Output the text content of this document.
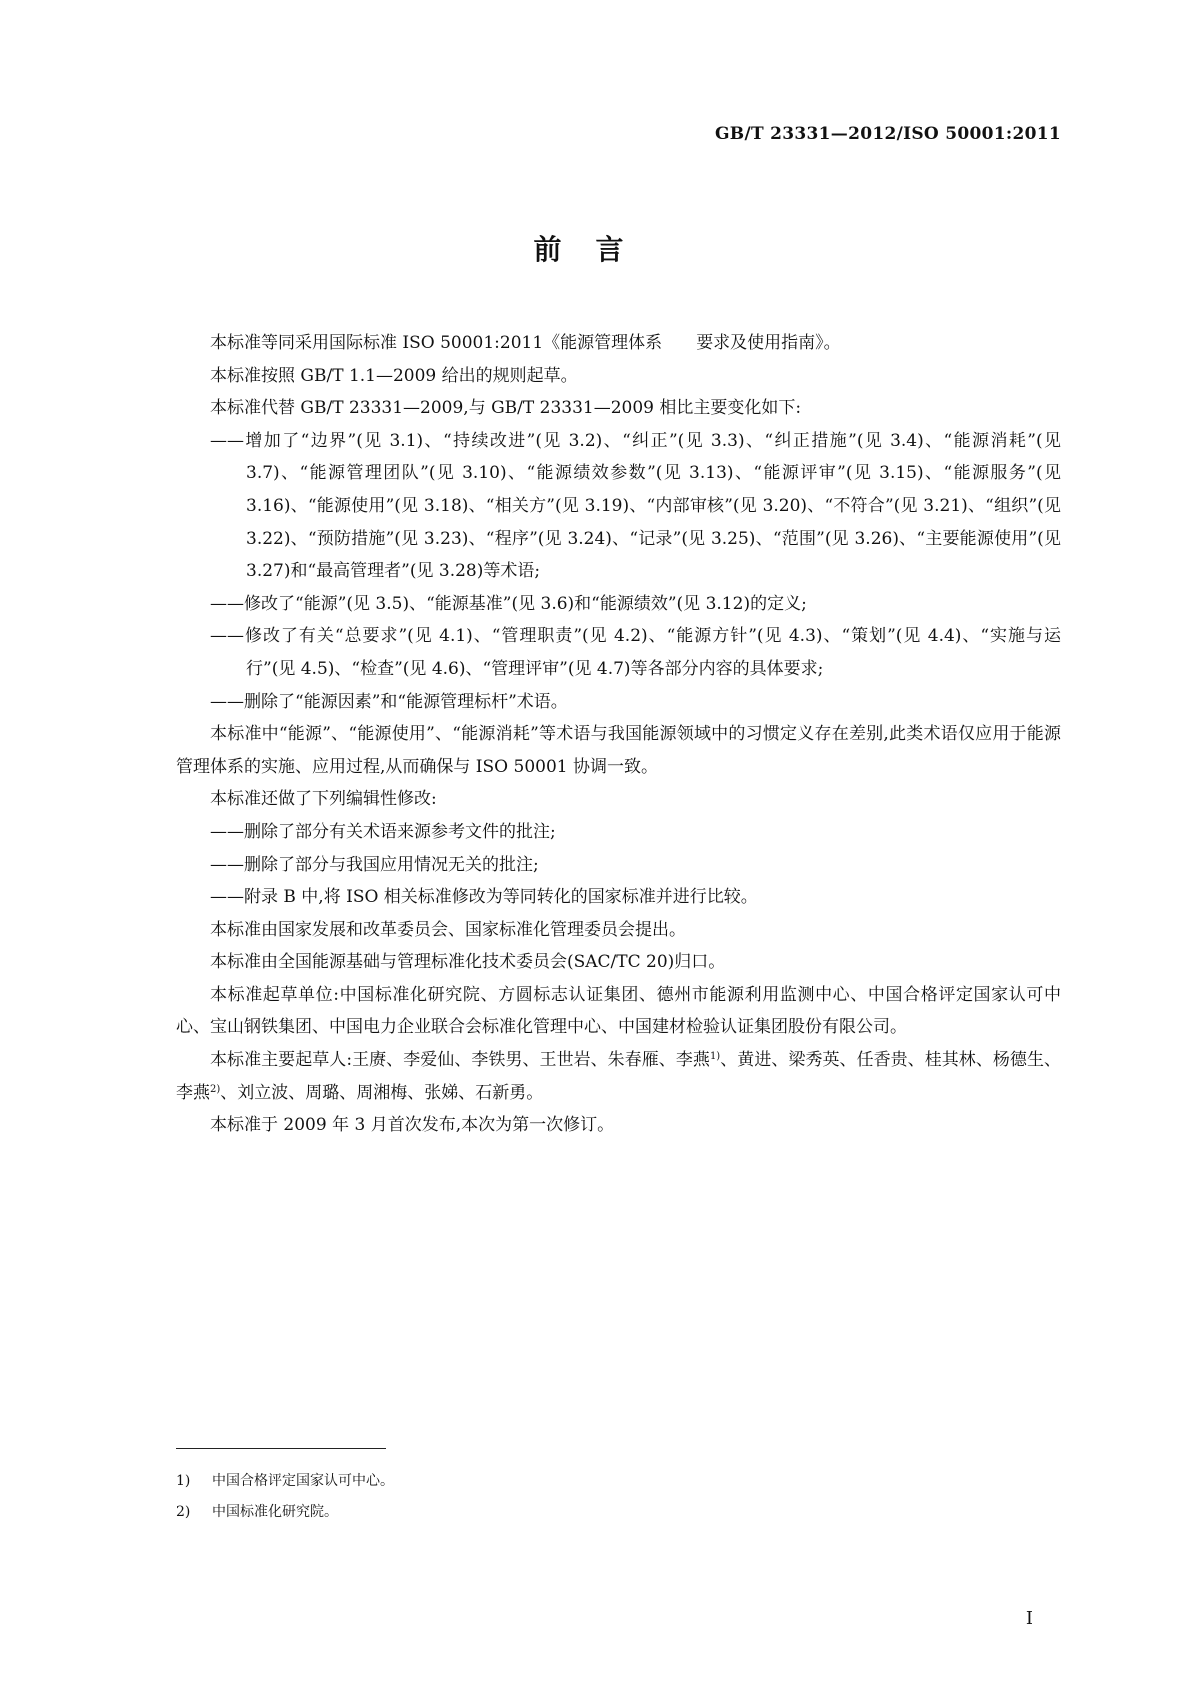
GB/T 23331—2012/ISO 50001:2011
前言

本标准等同采用国际标准 ISO 50001:2011《能源管理体系 要求及使用指南》。

本标准按照 GB/T 1.1—2009 给出的规则起草。

本标准代替 GB/T 23331—2009,与 GB/T 23331—2009 相比主要变化如下:

——增加了“边界”(见 3.1)、“持续改进”(见 3.2)、“纠正”(见 3.3)、“纠正措施”(见 3.4)、“能源消耗”(见 3.7)、“能源管理团队”(见 3.10)、“能源绩效参数”(见 3.13)、“能源评审”(见 3.15)、“能源服务”(见 3.16)、“能源使用”(见 3.18)、“相关方”(见 3.19)、“内部审核”(见 3.20)、“不符合”(见 3.21)、“组织”(见 3.22)、“预防措施”(见 3.23)、“程序”(见 3.24)、“记录”(见 3.25)、“范围”(见 3.26)、“主要能源使用”(见 3.27)和“最高管理者”(见 3.28)等术语;

——修改了“能源”(见 3.5)、“能源基准”(见 3.6)和“能源绩效”(见 3.12)的定义;

——修改了有关“总要求”(见 4.1)、“管理职责”(见 4.2)、“能源方针”(见 4.3)、“策划”(见 4.4)、“实施与运行”(见 4.5)、“检查”(见 4.6)、“管理评审”(见 4.7)等各部分内容的具体要求;

——删除了“能源因素”和“能源管理标杆”术语。

本标准中“能源”、“能源使用”、“能源消耗”等术语与我国能源领域中的习惯定义存在差别,此类术语仅应用于能源管理体系的实施、应用过程,从而确保与 ISO 50001 协调一致。

本标准还做了下列编辑性修改:

——删除了部分有关术语来源参考文件的批注;

——删除了部分与我国应用情况无关的批注;

——附录 B 中,将 ISO 相关标准修改为等同转化的国家标准并进行比较。

本标准由国家发展和改革委员会、国家标准化管理委员会提出。

本标准由全国能源基础与管理标准化技术委员会(SAC/TC 20)归口。

本标准起草单位:中国标准化研究院、方圆标志认证集团、德州市能源利用监测中心、中国合格评定国家认可中心、宝山钢铁集团、中国电力企业联合会标准化管理中心、中国建材检验认证集团股份有限公司。

本标准主要起草人:王赓、李爱仙、李铁男、王世岩、朱春雁、李燕$^{1)}$、黄进、梁秀英、任香贵、桂其林、杨德生、李燕$^{2)}$、刘立波、周璐、周湘梅、张娣、石新勇。

本标准于 2009 年 3 月首次发布,本次为第一次修订。

1) 中国合格评定国家认可中心。
2) 中国标准化研究院。
I
